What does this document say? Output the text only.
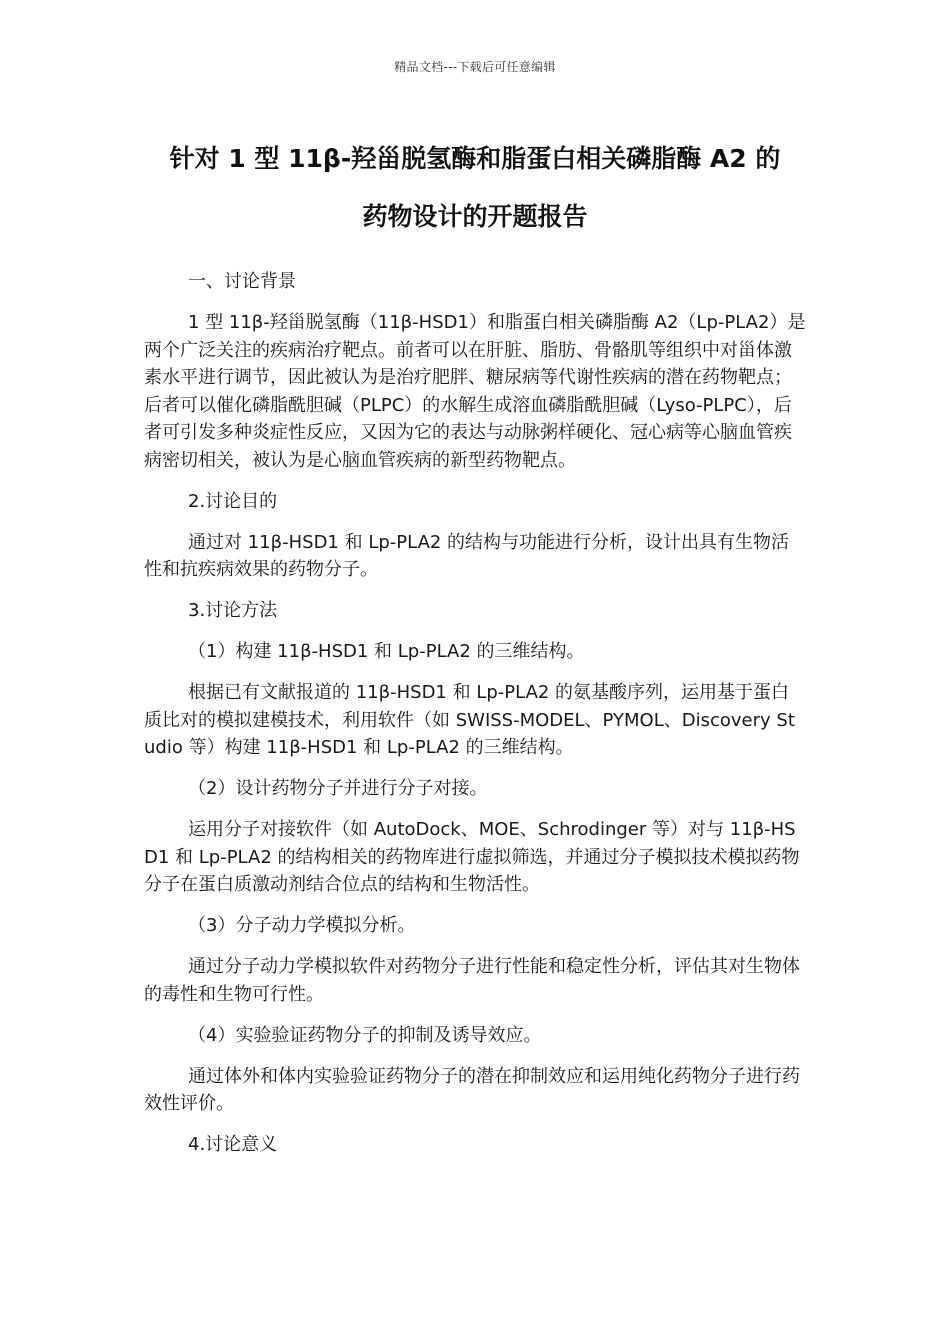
精品文档---下载后可任意编辑
针对 1 型 11β-羟甾脱氢酶和脂蛋白相关磷脂酶 A2 的
药物设计的开题报告

一、讨论背景

1 型 11β-羟甾脱氢酶（11β-HSD1）和脂蛋白相关磷脂酶 A2（Lp-PLA2）是两个广泛关注的疾病治疗靶点。前者可以在肝脏、脂肪、骨骼肌等组织中对甾体激素水平进行调节，因此被认为是治疗肥胖、糖尿病等代谢性疾病的潜在药物靶点；后者可以催化磷脂酰胆碱（PLPC）的水解生成溶血磷脂酰胆碱（Lyso-PLPC），后者可引发多种炎症性反应，又因为它的表达与动脉粥样硬化、冠心病等心脑血管疾病密切相关，被认为是心脑血管疾病的新型药物靶点。

2.讨论目的

通过对 11β-HSD1 和 Lp-PLA2 的结构与功能进行分析，设计出具有生物活性和抗疾病效果的药物分子。

3.讨论方法

（1）构建 11β-HSD1 和 Lp-PLA2 的三维结构。

根据已有文献报道的 11β-HSD1 和 Lp-PLA2 的氨基酸序列，运用基于蛋白质比对的模拟建模技术，利用软件（如 SWISS-MODEL、PYMOL、Discovery Studio 等）构建 11β-HSD1 和 Lp-PLA2 的三维结构。

（2）设计药物分子并进行分子对接。

运用分子对接软件（如 AutoDock、MOE、Schrodinger 等）对与 11β-HSD1 和 Lp-PLA2 的结构相关的药物库进行虚拟筛选，并通过分子模拟技术模拟药物分子在蛋白质激动剂结合位点的结构和生物活性。

（3）分子动力学模拟分析。

通过分子动力学模拟软件对药物分子进行性能和稳定性分析，评估其对生物体的毒性和生物可行性。

（4）实验验证药物分子的抑制及诱导效应。

通过体外和体内实验验证药物分子的潜在抑制效应和运用纯化药物分子进行药效性评价。

4.讨论意义
